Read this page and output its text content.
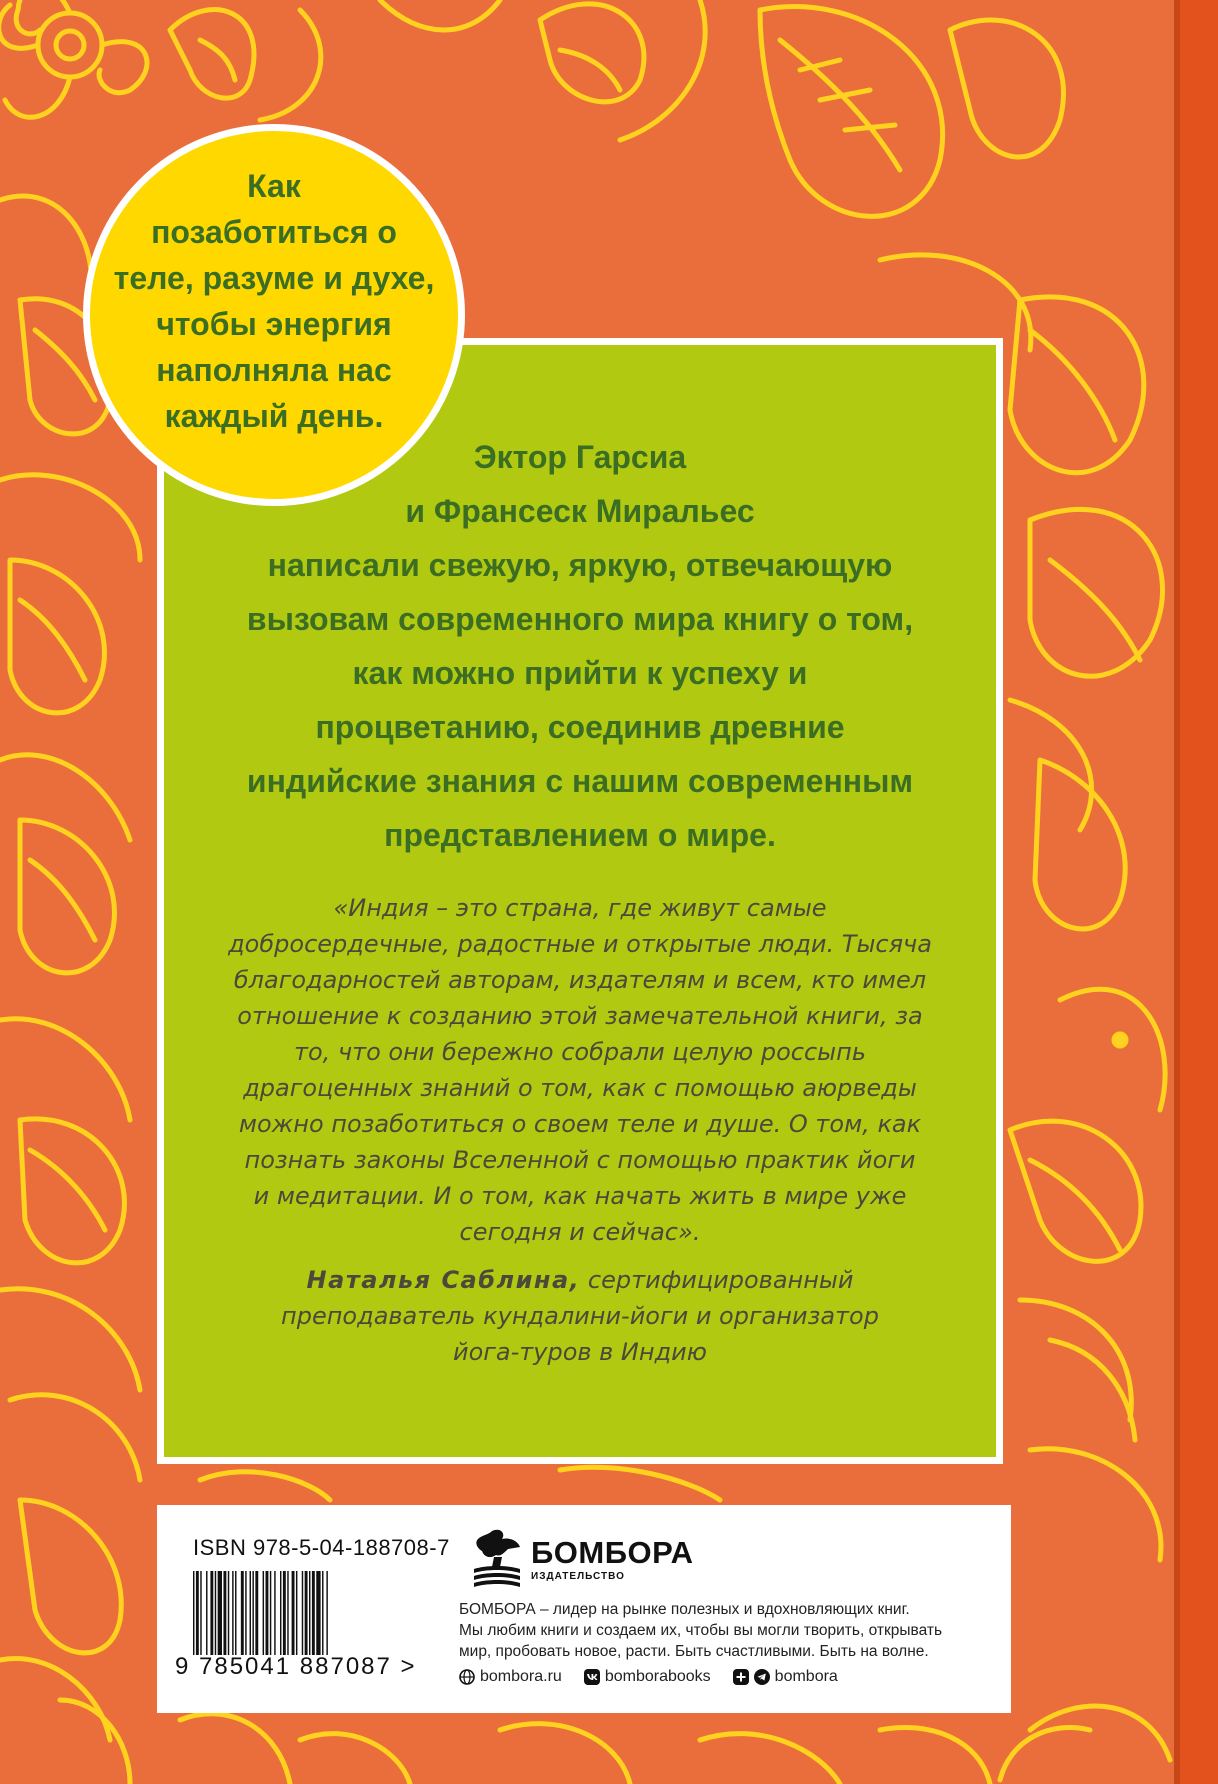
Как
позаботиться о
теле, разуме и духе,
чтобы энергия
наполняла нас
каждый день.
Эктор Гарсиа
и Франсеск Миральес
написали свежую, яркую, отвечающую
вызовам современного мира книгу о том,
как можно прийти к успеху и
процветанию, соединив древние
индийские знания с нашим современным
представлением о мире.
«Индия – это страна, где живут самые
добросердечные, радостные и открытые люди. Тысяча
благодарностей авторам, издателям и всем, кто имел
отношение к созданию этой замечательной книги, за
то, что они бережно собрали целую россыпь
драгоценных знаний о том, как с помощью аюрведы
можно позаботиться о своем теле и душе. О том, как
познать законы Вселенной с помощью практик йоги
и медитации. И о том, как начать жить в мире уже
сегодня и сейчас».
Наталья Саблина, сертифицированный
преподаватель кундалини-йоги и организатор
йога-туров в Индию
ISBN 978-5-04-188708-7
9 785041 887087 >
БОМБОРА
ИЗДАТЕЛЬСТВО
БОМБОРА – лидер на рынке полезных и вдохновляющих книг.
Мы любим книги и создаем их, чтобы вы могли творить, открывать
мир, пробовать новое, расти. Быть счастливыми. Быть на волне.
bombora.ru	bomborabooks	bombora
